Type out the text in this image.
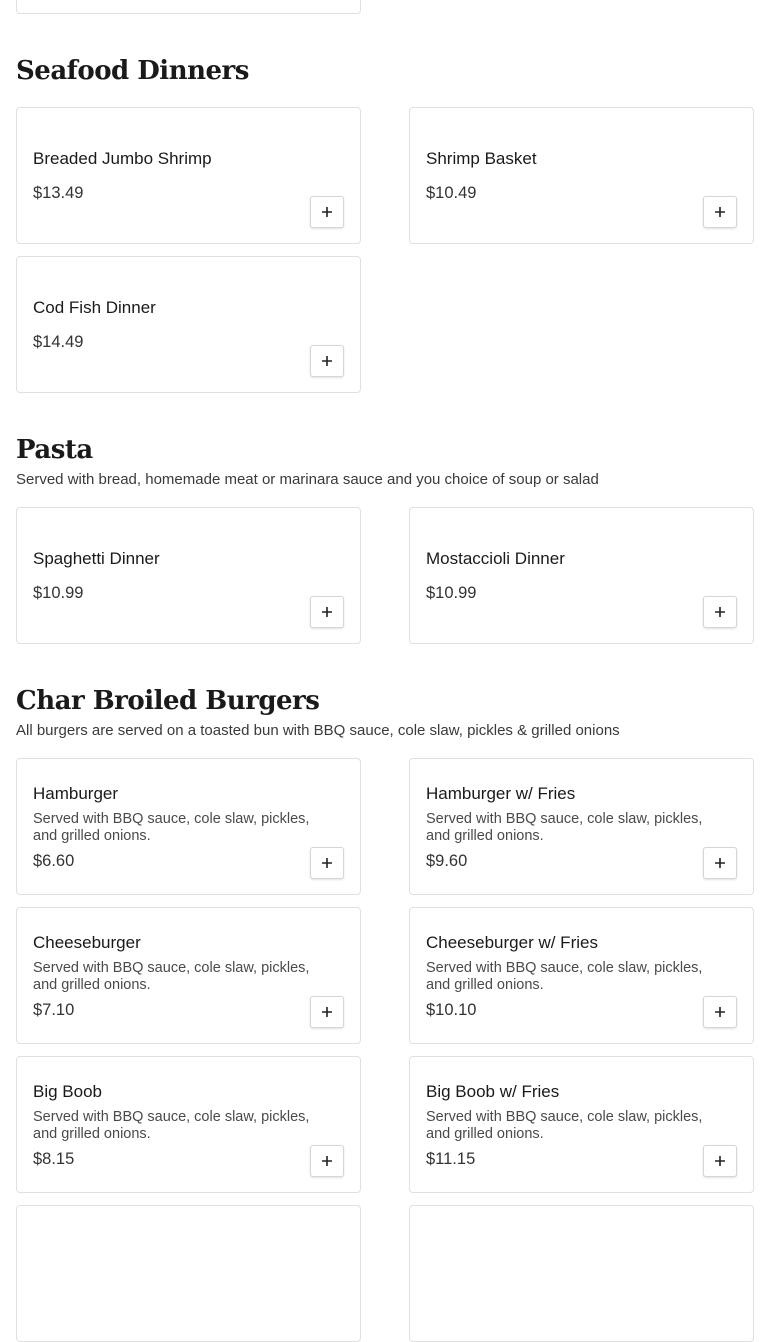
Seafood Dinners
Breaded Jumbo Shrimp
$13.49
Shrimp Basket
$10.49
Cod Fish Dinner
$14.49
Pasta
Served with bread, homemade meat or marinara sauce and you choice of soup or salad
Spaghetti Dinner
$10.99
Mostaccioli Dinner
$10.99
Char Broiled Burgers
All burgers are served on a toasted bun with BBQ sauce, cole slaw, pickles & grilled onions
Hamburger
Served with BBQ sauce, cole slaw, pickles, and grilled onions.
$6.60
Hamburger w/ Fries
Served with BBQ sauce, cole slaw, pickles, and grilled onions.
$9.60
Cheeseburger
Served with BBQ sauce, cole slaw, pickles, and grilled onions.
$7.10
Cheeseburger w/ Fries
Served with BBQ sauce, cole slaw, pickles, and grilled onions.
$10.10
Big Boob
Served with BBQ sauce, cole slaw, pickles, and grilled onions.
$8.15
Big Boob w/ Fries
Served with BBQ sauce, cole slaw, pickles, and grilled onions.
$11.15
